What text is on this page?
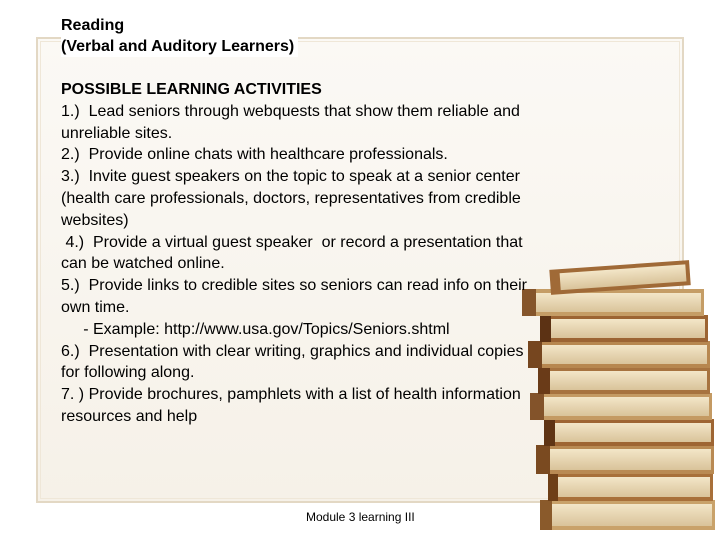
Reading
(Verbal and Auditory Learners)
POSSIBLE LEARNING ACTIVITIES
1.)  Lead seniors through webquests that show them reliable and
unreliable sites.
2.)  Provide online chats with healthcare professionals.
3.)  Invite guest speakers on the topic to speak at a senior center
(health care professionals, doctors, representatives from credible
websites)
4.)  Provide a virtual guest speaker  or record a presentation that
can be watched online.
5.)  Provide links to credible sites so seniors can read info on their
own time.
- Example: http://www.usa.gov/Topics/Seniors.shtml
6.)  Presentation with clear writing, graphics and individual copies
for following along.
7. ) Provide brochures, pamphlets with a list of health information
resources and help
Module 3 learning III
